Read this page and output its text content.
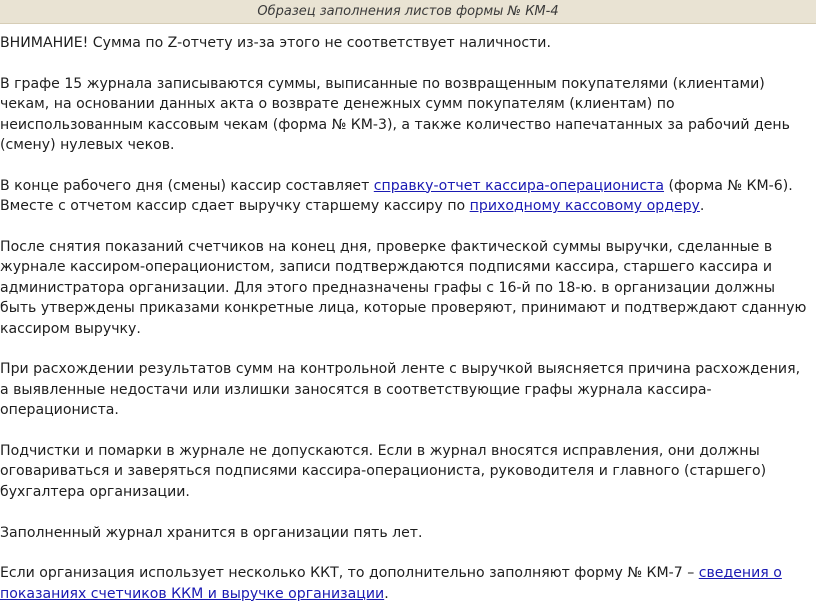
Образец заполнения листов формы № КМ-4

ВНИМАНИЕ! Сумма по Z-отчету из-за этого не соответствует наличности.

В графе 15 журнала записываются суммы, выписанные по возвращенным покупателями (клиентами) чекам, на основании данных акта о возврате денежных сумм покупателям (клиентам) по неиспользованным кассовым чекам (форма № КМ-3), а также количество напечатанных за рабочий день (смену) нулевых чеков.

В конце рабочего дня (смены) кассир составляет справку-отчет кассира-операциониста (форма № КМ-6). Вместе с отчетом кассир сдает выручку старшему кассиру по приходному кассовому ордеру.

После снятия показаний счетчиков на конец дня, проверке фактической суммы выручки, сделанные в журнале кассиром-операционистом, записи подтверждаются подписями кассира, старшего кассира и администратора организации. Для этого предназначены графы с 16-й по 18-ю. в организации должны быть утверждены приказами конкретные лица, которые проверяют, принимают и подтверждают сданную кассиром выручку.

При расхождении результатов сумм на контрольной ленте с выручкой выясняется причина расхождения, а выявленные недостачи или излишки заносятся в соответствующие графы журнала кассира-операциониста.

Подчистки и помарки в журнале не допускаются. Если в журнал вносятся исправления, они должны оговариваться и заверяться подписями кассира-операциониста, руководителя и главного (старшего) бухгалтера организации.

Заполненный журнал хранится в организации пять лет.

Если организация использует несколько ККТ, то дополнительно заполняют форму № КМ-7 – сведения о показаниях счетчиков ККМ и выручке организации.
